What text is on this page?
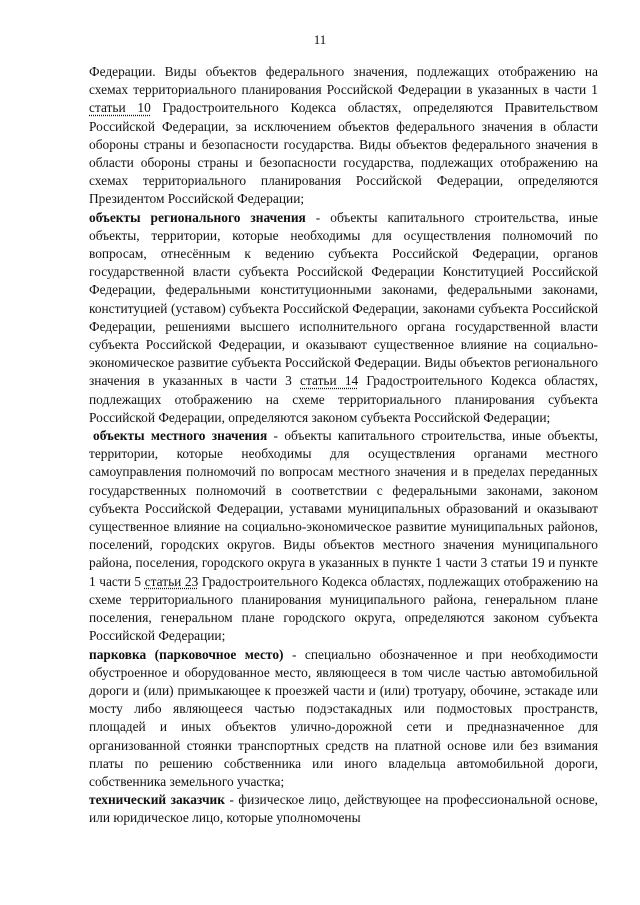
11

Федерации. Виды объектов федерального значения, подлежащих отображению на схемах территориального планирования Российской Федерации в указанных в части 1 статьи 10 Градостроительного Кодекса областях, определяются Правительством Российской Федерации, за исключением объектов федерального значения в области обороны страны и безопасности государства. Виды объектов федерального значения в области обороны страны и безопасности государства, подлежащих отображению на схемах территориального планирования Российской Федерации, определяются Президентом Российской Федерации;

объекты регионального значения - объекты капитального строительства, иные объекты, территории, которые необходимы для осуществления полномочий по вопросам, отнесённым к ведению субъекта Российской Федерации, органов государственной власти субъекта Российской Федерации Конституцией Российской Федерации, федеральными конституционными законами, федеральными законами, конституцией (уставом) субъекта Российской Федерации, законами субъекта Российской Федерации, решениями высшего исполнительного органа государственной власти субъекта Российской Федерации, и оказывают существенное влияние на социально-экономическое развитие субъекта Российской Федерации. Виды объектов регионального значения в указанных в части 3 статьи 14 Градостроительного Кодекса областях, подлежащих отображению на схеме территориального планирования субъекта Российской Федерации, определяются законом субъекта Российской Федерации;

объекты местного значения - объекты капитального строительства, иные объекты, территории, которые необходимы для осуществления органами местного самоуправления полномочий по вопросам местного значения и в пределах переданных государственных полномочий в соответствии с федеральными законами, законом субъекта Российской Федерации, уставами муниципальных образований и оказывают существенное влияние на социально-экономическое развитие муниципальных районов, поселений, городских округов. Виды объектов местного значения муниципального района, поселения, городского округа в указанных в пункте 1 части 3 статьи 19 и пункте 1 части 5 статьи 23 Градостроительного Кодекса областях, подлежащих отображению на схеме территориального планирования муниципального района, генеральном плане поселения, генеральном плане городского округа, определяются законом субъекта Российской Федерации;

парковка (парковочное место) - специально обозначенное и при необходимости обустроенное и оборудованное место, являющееся в том числе частью автомобильной дороги и (или) примыкающее к проезжей части и (или) тротуару, обочине, эстакаде или мосту либо являющееся частью подэстакадных или подмостовых пространств, площадей и иных объектов улично-дорожной сети и предназначенное для организованной стоянки транспортных средств на платной основе или без взимания платы по решению собственника или иного владельца автомобильной дороги, собственника земельного участка;

технический заказчик - физическое лицо, действующее на профессиональной основе, или юридическое лицо, которые уполномочены
